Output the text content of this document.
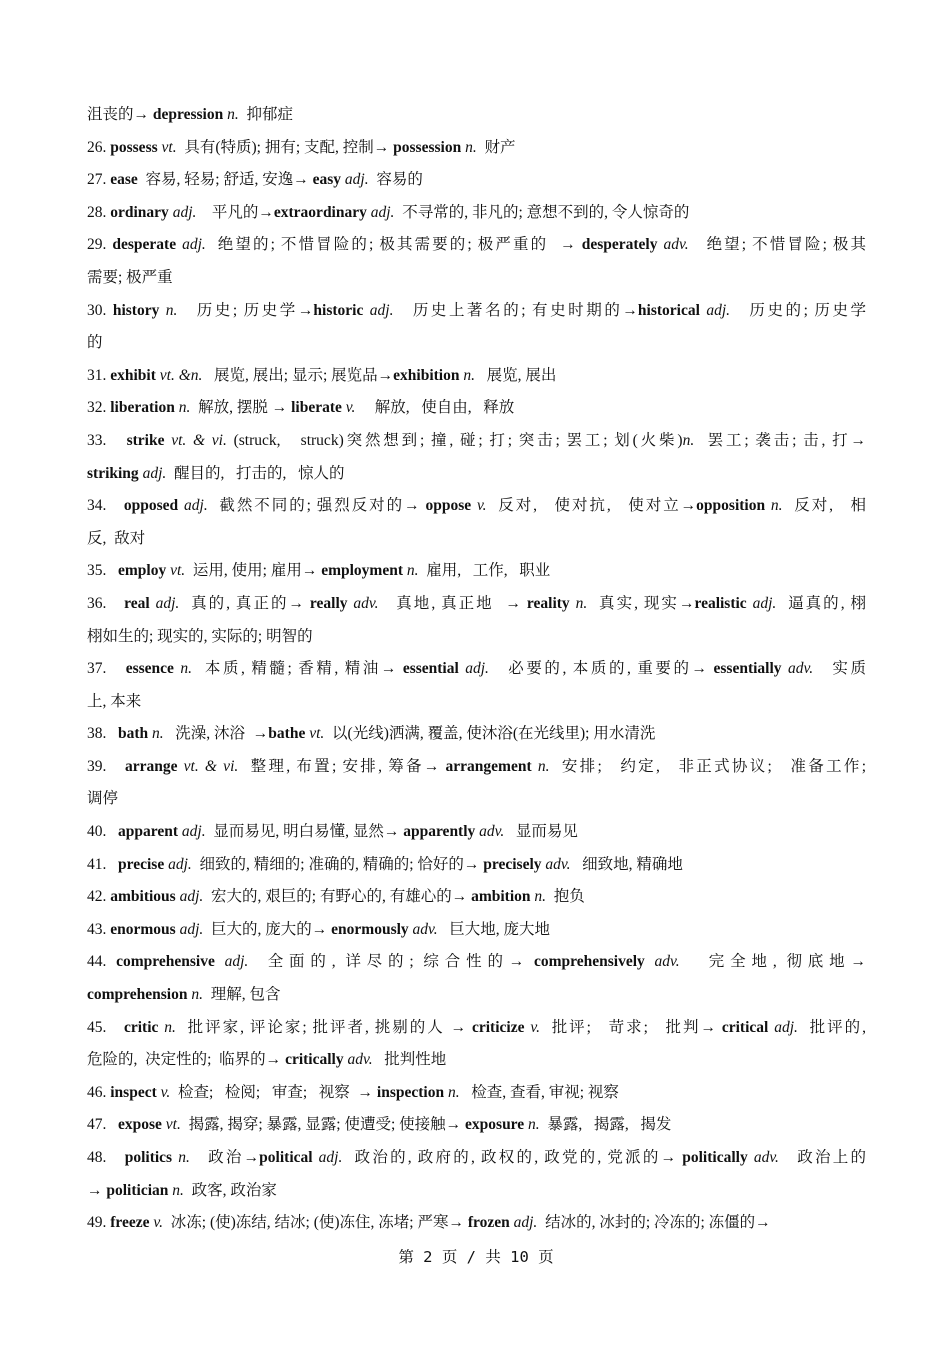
沮丧的→ depression n.  抑郁症
26. possess vt.  具有(特质); 拥有; 支配, 控制→ possession n.  财产
27. ease  容易, 轻易; 舒适, 安逸→ easy adj.  容易的
28. ordinary adj.    平凡的→extraordinary adj.  不寻常的, 非凡的; 意想不到的, 令人惊奇的
29. desperate adj.  绝望的; 不惜冒险的; 极其需要的; 极严重的  → desperately adv.   绝望; 不惜冒险; 极其
需要; 极严重
30. history n.   历史; 历史学→historic adj.   历史上著名的; 有史时期的→historical adj.   历史的; 历史学
的
31. exhibit vt. &n.   展览, 展出; 显示; 展览品→exhibition n.   展览, 展出
32. liberation n.  解放, 摆脱 → liberate v.     解放,   使自由,   释放
33.   strike vt. & vi. (struck,   struck)突然想到; 撞, 碰; 打; 突击; 罢工; 划(火柴)n.  罢工; 袭击; 击, 打→
striking adj.  醒目的,   打击的,   惊人的
34.   opposed adj.  截然不同的; 强烈反对的→ oppose v.  反对,   使对抗,   使对立→opposition n.  反对,   相
反,  敌对
35.   employ vt.  运用, 使用; 雇用→ employment n.  雇用,   工作,   职业
36.   real adj.  真的, 真正的→ really adv.   真地, 真正地  → reality n.  真实, 现实→realistic adj.  逼真的, 栩
栩如生的; 现实的, 实际的; 明智的
37.   essence n.  本质, 精髓; 香精, 精油→ essential adj.   必要的, 本质的, 重要的→ essentially adv.   实质
上, 本来
38.   bath n.   洗澡, 沐浴  →bathe vt.  以(光线)洒满, 覆盖, 使沐浴(在光线里); 用水清洗
39.   arrange vt. & vi.  整理, 布置; 安排, 筹备→ arrangement n.  安排;   约定,   非正式协议;   准备工作;
调停
40.   apparent adj.  显而易见, 明白易懂, 显然→ apparently adv.   显而易见
41.   precise adj.  细致的, 精细的; 准确的, 精确的; 恰好的→ precisely adv.   细致地, 精确地
42. ambitious adj.  宏大的, 艰巨的; 有野心的, 有雄心的→ ambition n.  抱负
43. enormous adj.  巨大的, 庞大的→ enormously adv.   巨大地, 庞大地
44. comprehensive adj.  全面的, 详尽的; 综合性的→ comprehensively adv.   完全地, 彻底地→
comprehension n.  理解, 包含
45.   critic n.  批评家, 评论家; 批评者, 挑剔的人 → criticize v.  批评;   苛求;   批判→ critical adj.  批评的,
危险的,  决定性的;  临界的→ critically adv.   批判性地
46. inspect v.  检查;   检阅;   审查;   视察  → inspection n.   检查, 查看, 审视; 视察
47.   expose vt.  揭露, 揭穿; 暴露, 显露; 使遭受; 使接触→ exposure n.  暴露,   揭露,   揭发
48.   politics n.   政治→political adj.  政治的, 政府的, 政权的, 政党的, 党派的→ politically adv.   政治上的
→ politician n.  政客, 政治家
49. freeze v.  冰冻; (使)冻结, 结冰; (使)冻住, 冻堵; 严寒→ frozen adj.  结冰的, 冰封的; 冷冻的; 冻僵的→
第 2 页 / 共 10 页
